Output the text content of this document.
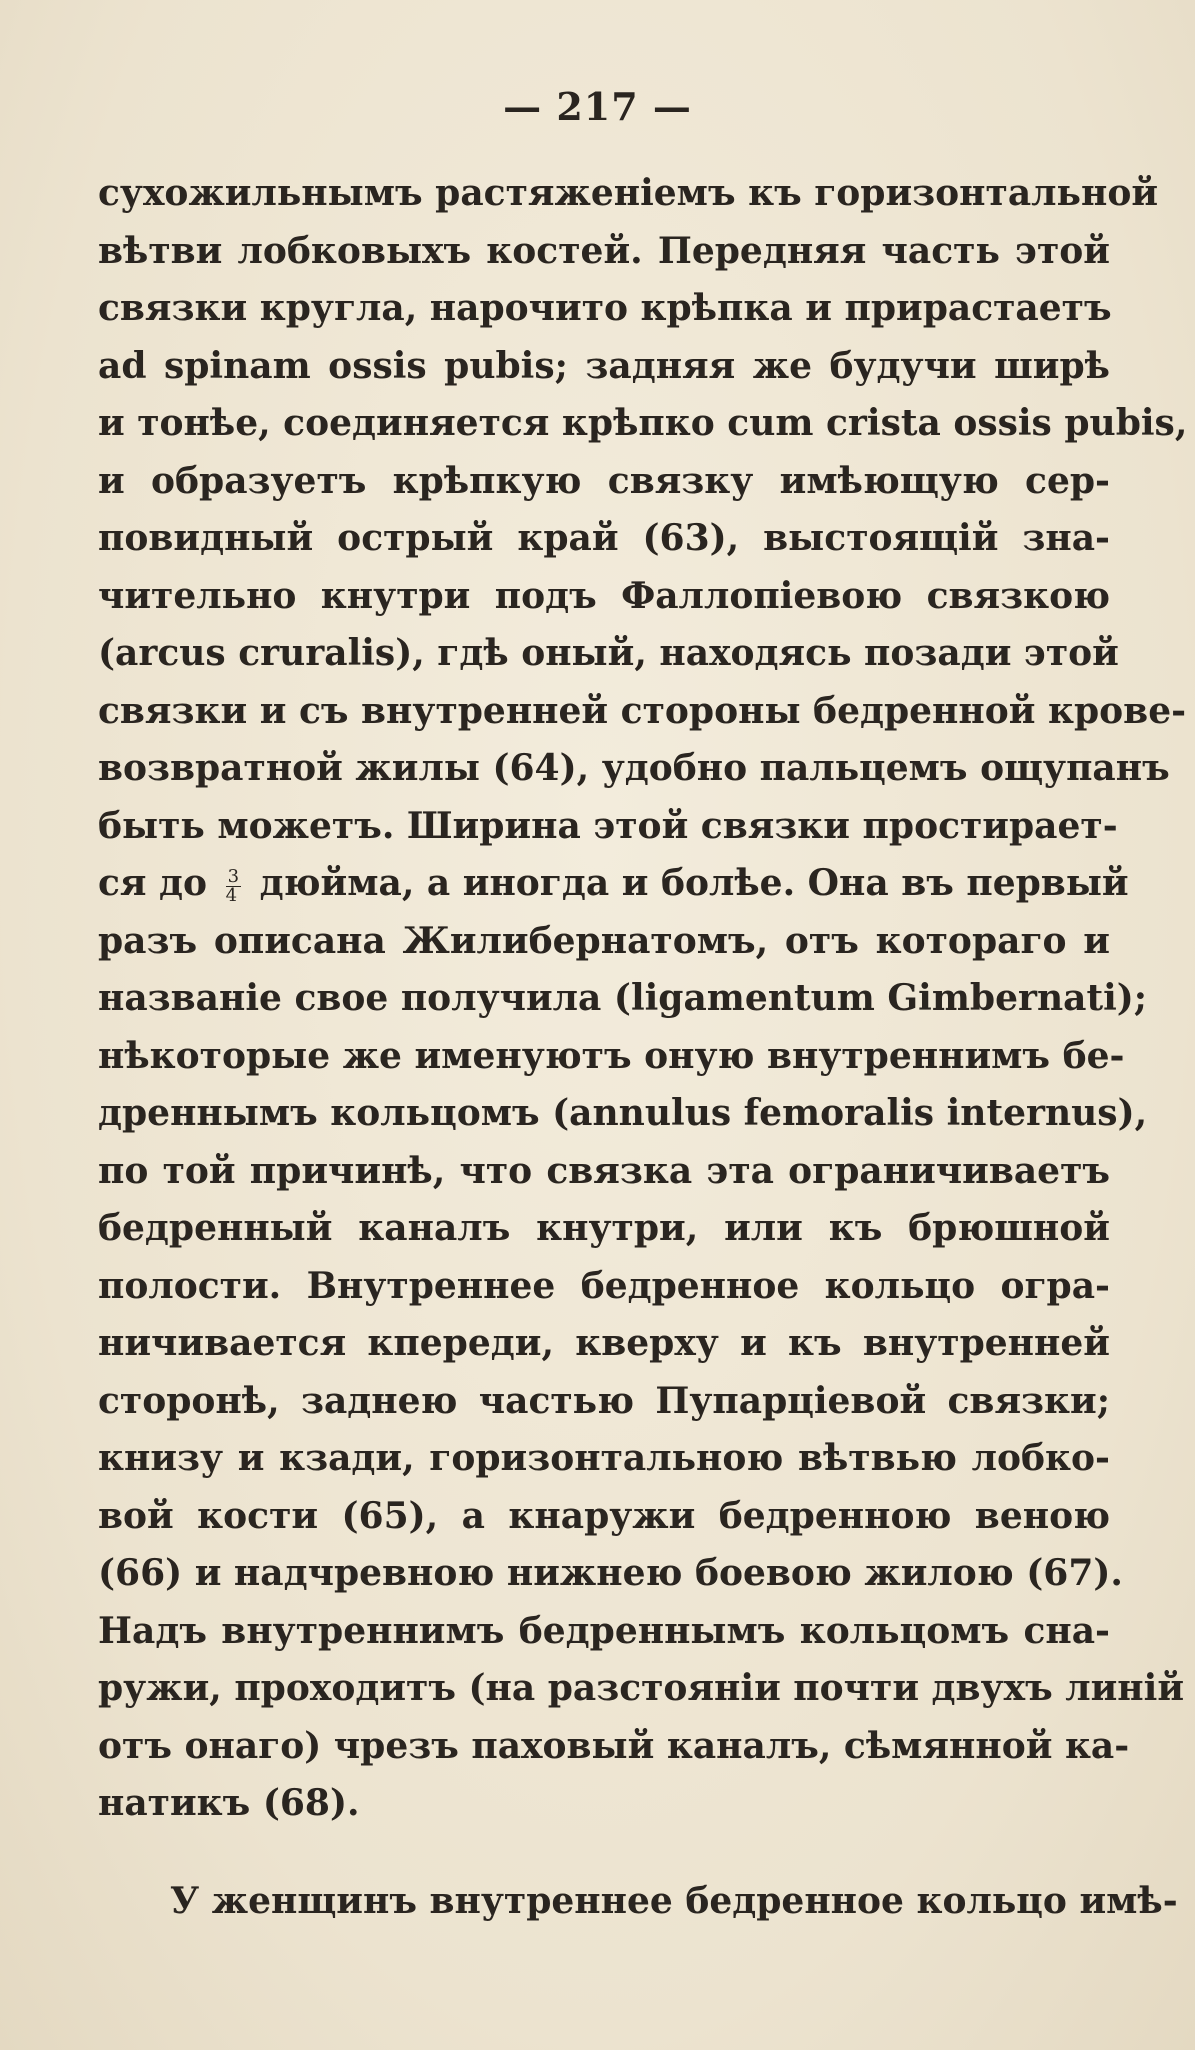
— 217 —
сухожильнымъ растяженіемъ къ горизонтальной
вѣтви лобковыхъ костей. Передняя часть этой
связки кругла, нарочито крѣпка и прирастаетъ
ad spinam ossis pubis; задняя же будучи ширѣ
и тонѣе, соединяется крѣпко cum crista ossis pubis,
и образуетъ крѣпкую связку имѣющую сер-
повидный острый край (63), выстоящій зна-
чительно кнутри подъ Фаллопіевою связкою
(arcus cruralis), гдѣ оный, находясь позади этой
связки и съ внутренней стороны бедренной крове-
возвратной жилы (64), удобно пальцемъ ощупанъ
быть можетъ. Ширина этой связки простирает-
ся до $\frac{3}{4}$ дюйма, а иногда и болѣе. Она въ первый
разъ описана Жилибернатомъ, отъ котораго и
названіе свое получила (ligamentum Gimbernati);
нѣкоторые же именуютъ оную внутреннимъ бе-
дреннымъ кольцомъ (annulus femoralis internus),
по той причинѣ, что связка эта ограничиваетъ
бедренный каналъ кнутри, или къ брюшной
полости. Внутреннее бедренное кольцо огра-
ничивается кпереди, кверху и къ внутренней
сторонѣ, заднею частью Пупарціевой связки;
книзу и кзади, горизонтальною вѣтвью лобко-
вой кости (65), а кнаружи бедренною веною
(66) и надчревною нижнею боевою жилою (67).
Надъ внутреннимъ бедреннымъ кольцомъ сна-
ружи, проходитъ (на разстояніи почти двухъ линій
отъ онаго) чрезъ паховый каналъ, сѣмянной ка-
натикъ (68).
У женщинъ внутреннее бедренное кольцо имѣ-
